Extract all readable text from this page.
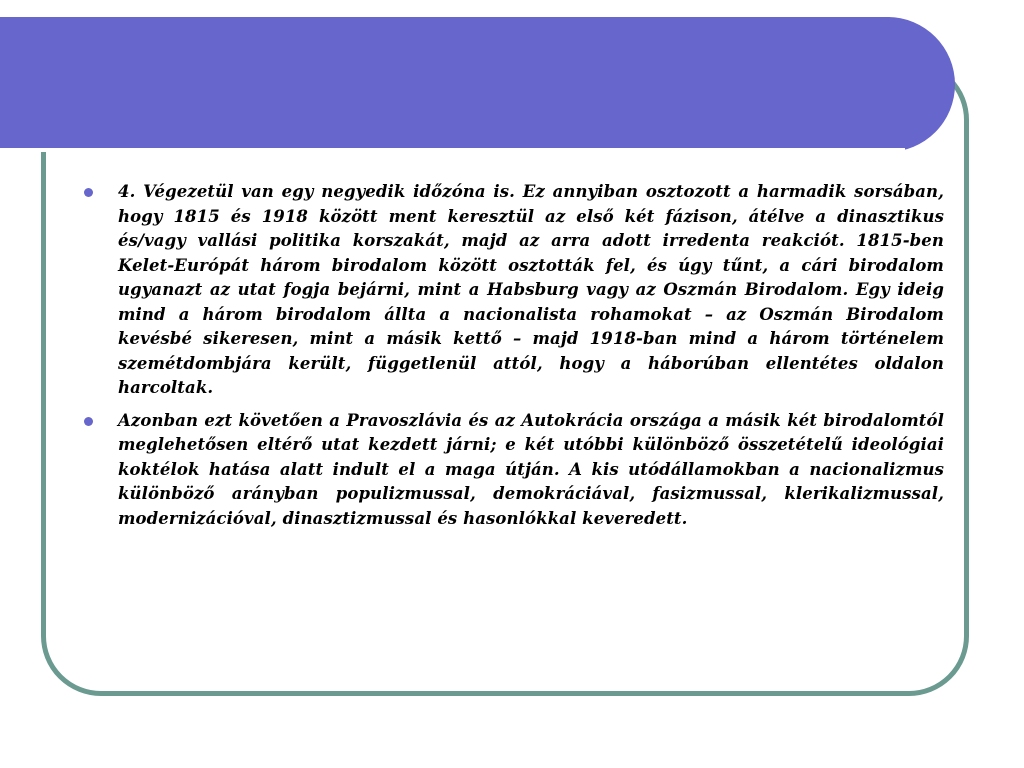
4. Végezetül van egy negyedik időzóna is. Ez annyiban osztozott a harmadik sorsában, hogy 1815 és 1918 között ment keresztül az első két fázison, átélve a dinasztikus és/vagy vallási politika korszakát, majd az arra adott irredenta reakciót. 1815-ben Kelet-Európát három birodalom között osztották fel, és úgy tűnt, a cári birodalom ugyanazt az utat fogja bejárni, mint a Habsburg vagy az Oszmán Birodalom. Egy ideig mind a három birodalom állta a nacionalista rohamokat – az Oszmán Birodalom kevésbé sikeresen, mint a másik kettő – majd 1918-ban mind a három történelem szemétdombjára került, függetlenül attól, hogy a háborúban ellentétes oldalon harcoltak.
Azonban ezt követően a Pravoszlávia és az Autokrácia országa a másik két birodalomtól meglehetősen eltérő utat kezdett járni; e két utóbbi különböző összetételű ideológiai koktélok hatása alatt indult el a maga útján. A kis utódállamokban a nacionalizmus különböző arányban populizmussal, demokráciával, fasizmussal, klerikalizmussal, modernizációval, dinasztizmussal és hasonlókkal keveredett.
